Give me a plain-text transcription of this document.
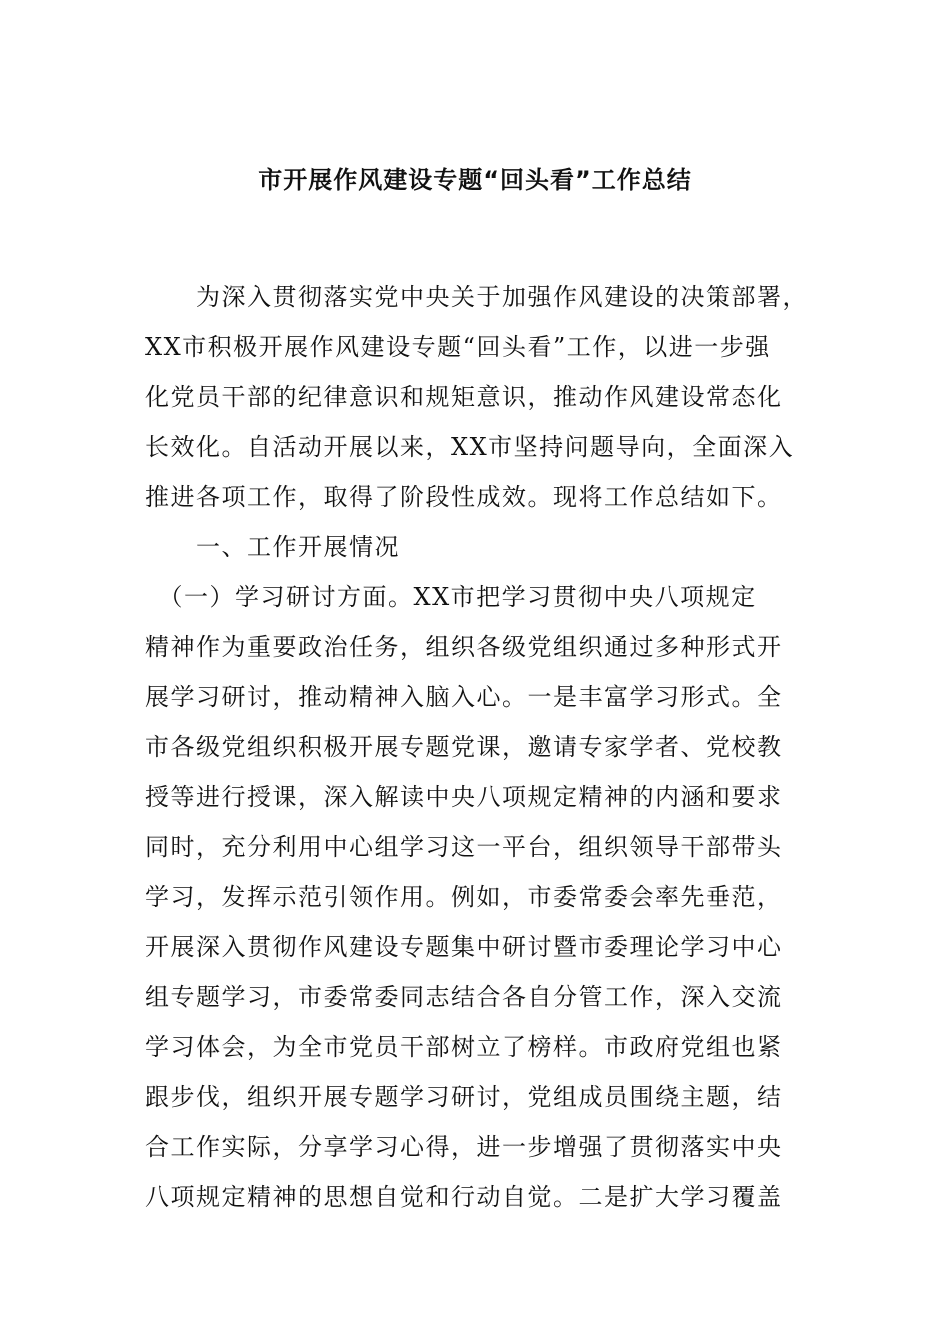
市开展作风建设专题“回头看”工作总结
　　为深入贯彻落实党中央关于加强作风建设的决策部署，
XX市积极开展作风建设专题“回头看”工作，以进一步强
化党员干部的纪律意识和规矩意识，推动作风建设常态化
长效化。自活动开展以来，XX市坚持问题导向，全面深入
推进各项工作，取得了阶段性成效。现将工作总结如下。
　　一、工作开展情况
　（一）学习研讨方面。XX市把学习贯彻中央八项规定
精神作为重要政治任务，组织各级党组织通过多种形式开
展学习研讨，推动精神入脑入心。一是丰富学习形式。全
市各级党组织积极开展专题党课，邀请专家学者、党校教
授等进行授课，深入解读中央八项规定精神的内涵和要求
同时，充分利用中心组学习这一平台，组织领导干部带头
学习，发挥示范引领作用。例如，市委常委会率先垂范，
开展深入贯彻作风建设专题集中研讨暨市委理论学习中心
组专题学习，市委常委同志结合各自分管工作，深入交流
学习体会，为全市党员干部树立了榜样。市政府党组也紧
跟步伐，组织开展专题学习研讨，党组成员围绕主题，结
合工作实际，分享学习心得，进一步增强了贯彻落实中央
八项规定精神的思想自觉和行动自觉。二是扩大学习覆盖
